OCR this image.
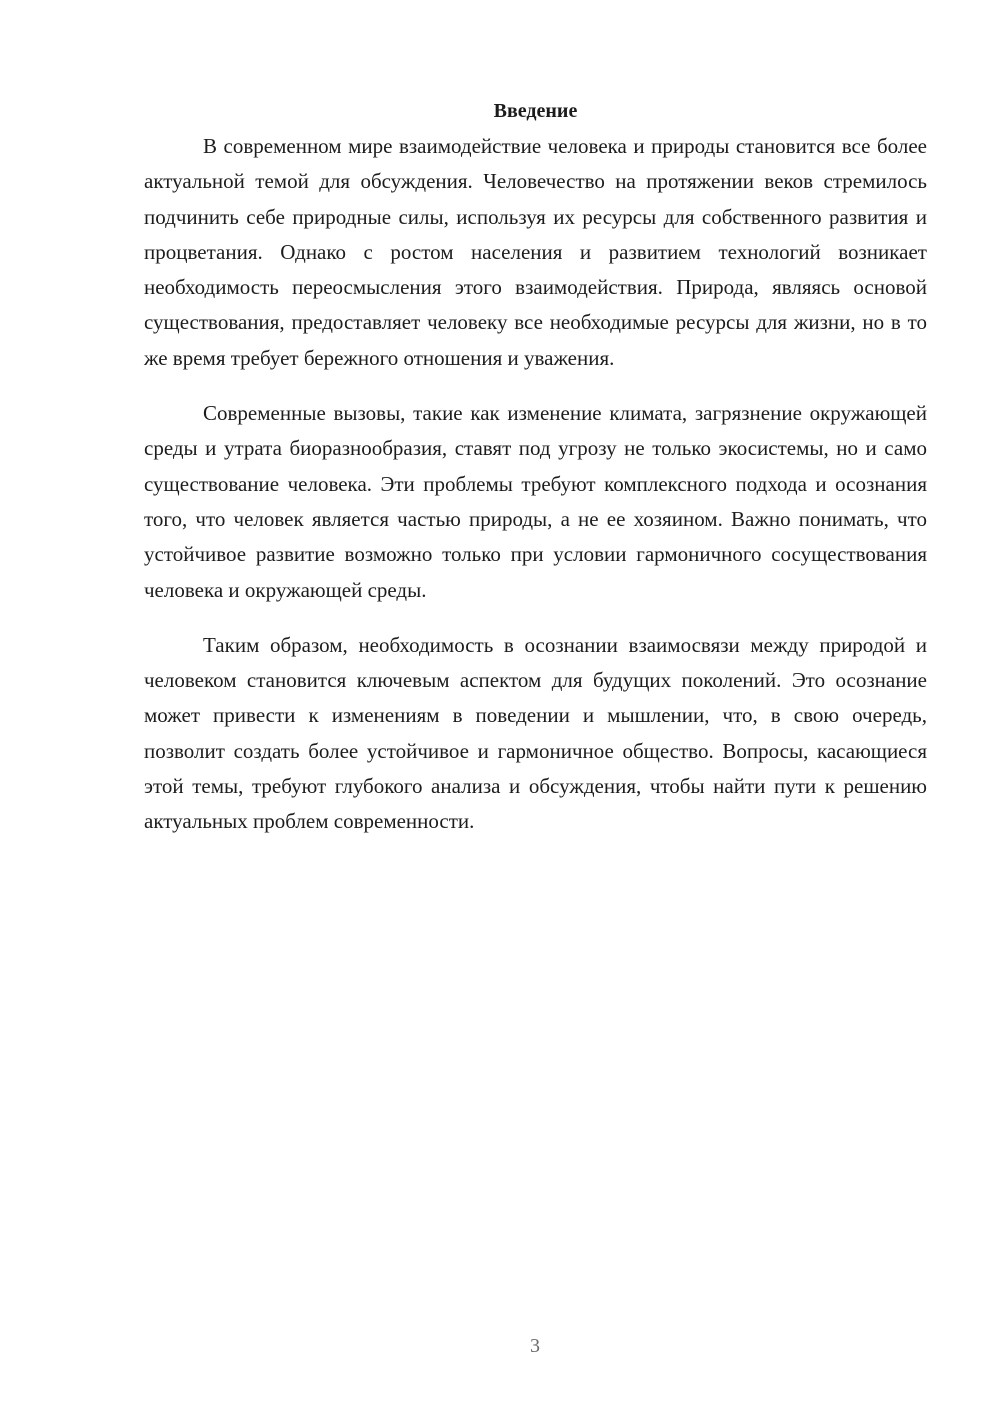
Введение

В современном мире взаимодействие человека и природы становится все более актуальной темой для обсуждения. Человечество на протяжении веков стремилось подчинить себе природные силы, используя их ресурсы для собственного развития и процветания. Однако с ростом населения и развитием технологий возникает необходимость переосмысления этого взаимодействия. Природа, являясь основой существования, предоставляет человеку все необходимые ресурсы для жизни, но в то же время требует бережного отношения и уважения.

Современные вызовы, такие как изменение климата, загрязнение окружающей среды и утрата биоразнообразия, ставят под угрозу не только экосистемы, но и само существование человека. Эти проблемы требуют комплексного подхода и осознания того, что человек является частью природы, а не ее хозяином. Важно понимать, что устойчивое развитие возможно только при условии гармоничного сосуществования человека и окружающей среды.

Таким образом, необходимость в осознании взаимосвязи между природой и человеком становится ключевым аспектом для будущих поколений. Это осознание может привести к изменениям в поведении и мышлении, что, в свою очередь, позволит создать более устойчивое и гармоничное общество. Вопросы, касающиеся этой темы, требуют глубокого анализа и обсуждения, чтобы найти пути к решению актуальных проблем современности.

3
